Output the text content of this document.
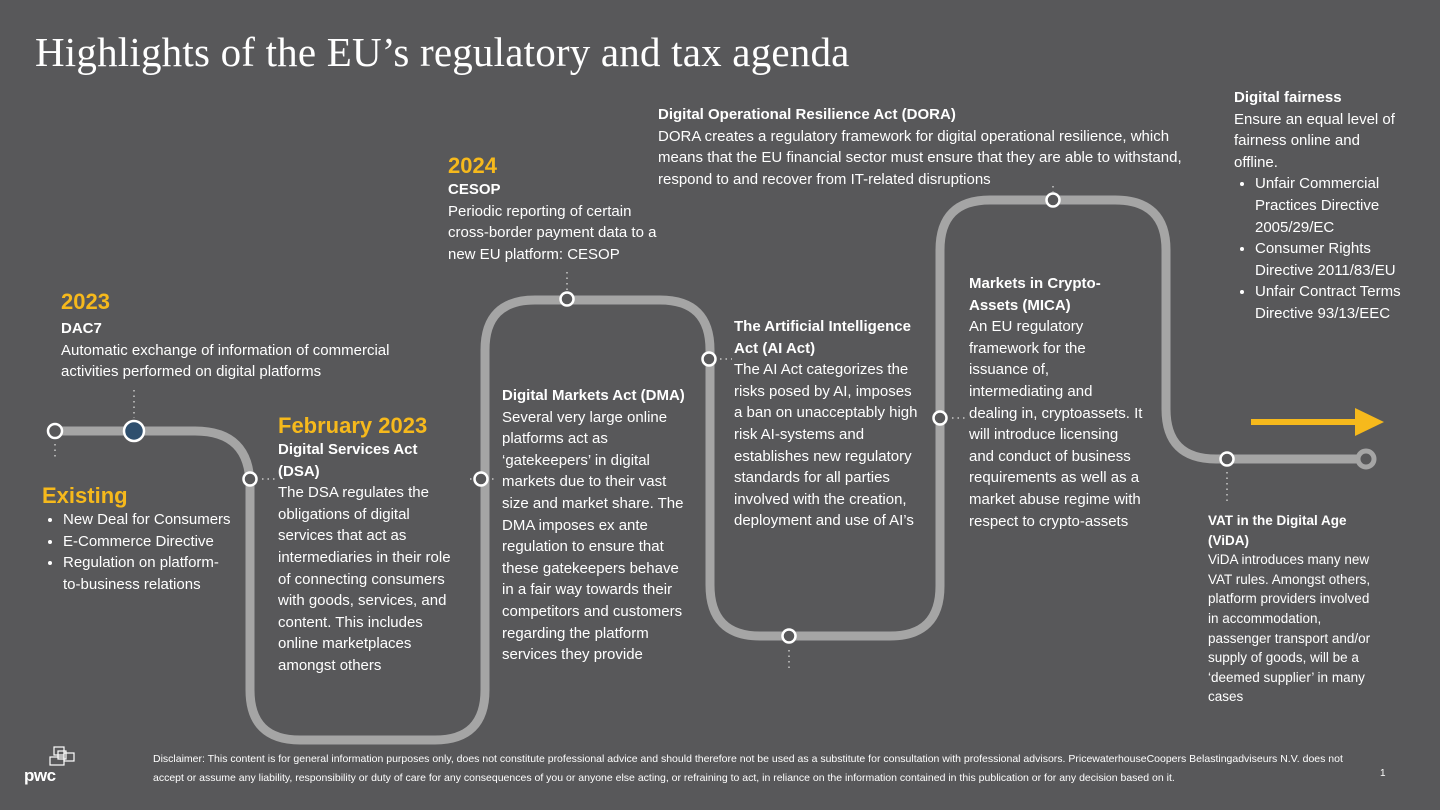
Highlights of the EU’s regulatory and tax agenda
Existing
• New Deal for Consumers
• E-Commerce Directive
• Regulation on platform-to-business relations
2023
DAC7

Automatic exchange of information of commercial activities performed on digital platforms

February 2023
Digital Services Act (DSA)

The DSA regulates the obligations of digital services that act as intermediaries in their role of connecting consumers with goods, services, and content. This includes online marketplaces amongst others

2024
CESOP

Periodic reporting of certain cross-border payment data to a new EU platform: CESOP

Digital Markets Act (DMA)

Several very large online platforms act as ‘gatekeepers’ in digital markets due to their vast size and market share. The DMA imposes ex ante regulation to ensure that these gatekeepers behave in a fair way towards their competitors and customers regarding the platform services they provide

The Artificial Intelligence Act (AI Act)

The AI Act categorizes the risks posed by AI, imposes a ban on unacceptably high risk AI-systems and establishes new regulatory standards for all parties involved with the creation, deployment and use of AI’s

Digital Operational Resilience Act (DORA)

DORA creates a regulatory framework for digital operational resilience, which means that the EU financial sector must ensure that they are able to withstand, respond to and recover from IT-related disruptions

Markets in Crypto-Assets (MICA)

An EU regulatory framework for the issuance of, intermediating and dealing in, cryptoassets. It will introduce licensing and conduct of business requirements as well as a market abuse regime with respect to crypto-assets

Digital fairness

Ensure an equal level of fairness online and offline.

• Unfair Commercial Practices Directive 2005/29/EC
• Consumer Rights Directive 2011/83/EU
• Unfair Contract Terms Directive 93/13/EEC
VAT in the Digital Age (ViDA)

ViDA introduces many new VAT rules. Amongst others, platform providers involved in accommodation, passenger transport and/or supply of goods, will be a ‘deemed supplier’ in many cases

pwc
Disclaimer: This content is for general information purposes only, does not constitute professional advice and should therefore not be used as a substitute for consultation with professional advisors. PricewaterhouseCoopers Belastingadviseurs N.V. does not accept or assume any liability, responsibility or duty of care for any consequences of you or anyone else acting, or refraining to act, in reliance on the information contained in this publication or for any decision based on it.	1
